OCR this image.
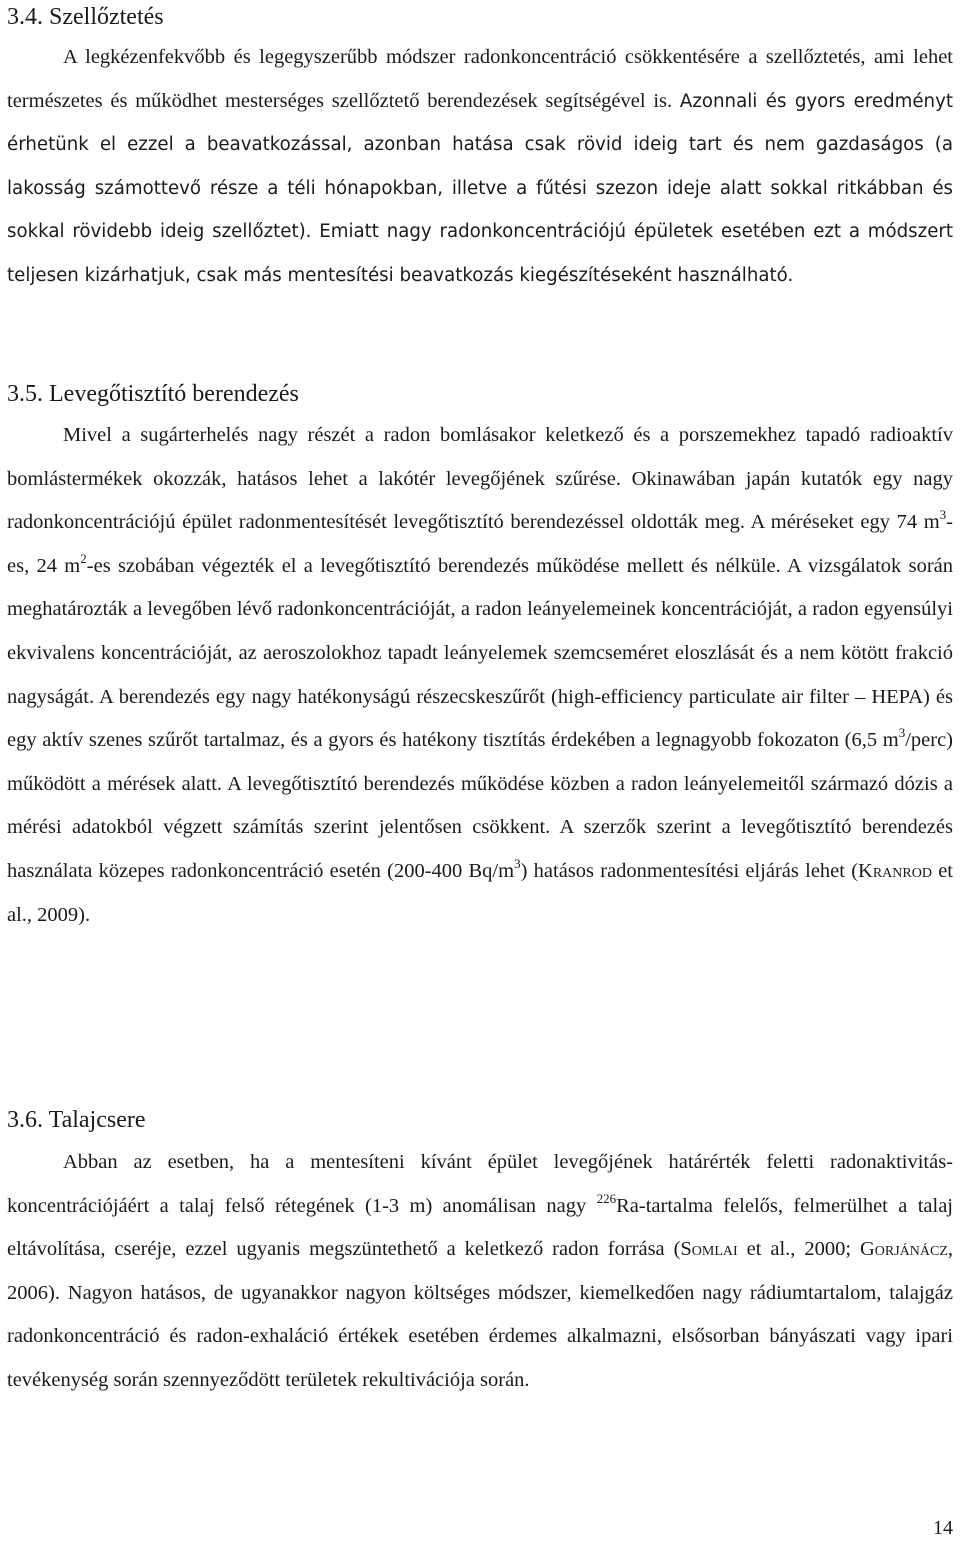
3.4. Szellőztetés

A legkézenfekvőbb és legegyszerűbb módszer radonkoncentráció csökkentésére a szellőztetés, ami lehet természetes és működhet mesterséges szellőztető berendezések segítségével is. Azonnali és gyors eredményt érhetünk el ezzel a beavatkozással, azonban hatása csak rövid ideig tart és nem gazdaságos (a lakosság számottevő része a téli hónapokban, illetve a fűtési szezon ideje alatt sokkal ritkábban és sokkal rövidebb ideig szellőztet). Emiatt nagy radonkoncentrációjú épületek esetében ezt a módszert teljesen kizárhatjuk, csak más mentesítési beavatkozás kiegészítéseként használható.

3.5. Levegőtisztító berendezés

Mivel a sugárterhelés nagy részét a radon bomlásakor keletkező és a porszemekhez tapadó radioaktív bomlástermékek okozzák, hatásos lehet a lakótér levegőjének szűrése. Okinawában japán kutatók egy nagy radonkoncentrációjú épület radonmentesítését levegőtisztító berendezéssel oldották meg. A méréseket egy 74 $m^3-es$, 24 $m^2-es$ szobában végezték el a levegőtisztító berendezés működése mellett és nélküle. A vizsgálatok során meghatározták a levegőben lévő radonkoncentrációját, a radon leányelemeinek koncentrációját, a radon egyensúlyi ekvivalens koncentrációját, az aeroszolokhoz tapadt leányelemek szemcseméret eloszlását és a nem kötött frakció nagyságát. A berendezés egy nagy hatékonyságú részecskeszűrőt (high-efficiency particulate air filter – HEPA) és egy aktív szenes szűrőt tartalmaz, és a gyors és hatékony tisztítás érdekében a legnagyobb fokozaton (6,5 $m^3/perc$) működött a mérések alatt. A levegőtisztító berendezés működése közben a radon leányelemeitől származó dózis a mérési adatokból végzett számítás szerint jelentősen csökkent. A szerzők szerint a levegőtisztító berendezés használata közepes radonkoncentráció esetén (200-400 $Bq/m^3$) hatásos radonmentesítési eljárás lehet (Kranrod et al., 2009).

3.6. Talajcsere

Abban az esetben, ha a mentesíteni kívánt épület levegőjének határérték feletti radonaktivitás-koncentrációjáért a talaj felső rétegének (1-3 m) anomálisan nagy $^{226}$Ra-tartalma felelős, felmerülhet a talaj eltávolítása, cseréje, ezzel ugyanis megszüntethető a keletkező radon forrása (Somlai et al., 2000; Gorjánácz, 2006). Nagyon hatásos, de ugyanakkor nagyon költséges módszer, kiemelkedően nagy rádiumtartalom, talajgáz radonkoncentráció és radon-exhaláció értékek esetében érdemes alkalmazni, elsősorban bányászati vagy ipari tevékenység során szennyeződött területek rekultivációja során.

14
